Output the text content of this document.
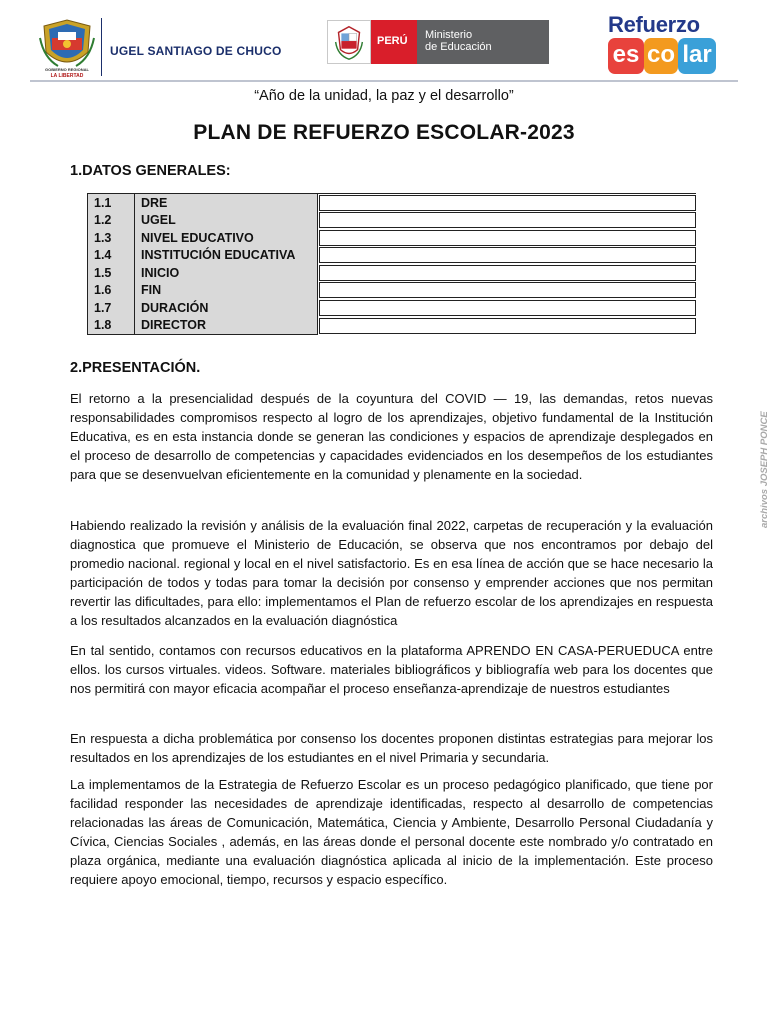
GOBIERNO REGIONAL
LA LIBERTAD
UGEL SANTIAGO DE CHUCO
PERÚ	Ministerio
de Educación
Refuerzo
es co lar
“Año de la unidad, la paz y el desarrollo”
PLAN DE REFUERZO ESCOLAR-2023
1.DATOS GENERALES:
1.1	DRE	

1.2	UGEL	

1.3	NIVEL EDUCATIVO	

1.4	INSTITUCIÓN EDUCATIVA	

1.5	INICIO	

1.6	FIN	

1.7	DURACIÓN	

1.8	DIRECTOR	
2.PRESENTACIÓN.
El retorno a la presencialidad después de la coyuntura del COVID — 19, las demandas, retos nuevas responsabilidades compromisos respecto al logro de los aprendizajes, objetivo fundamental de la Institución Educativa, es en esta instancia donde se generan las condiciones y espacios de aprendizaje desplegados en el proceso de desarrollo de competencias y capacidades evidenciados en los desempeños de los estudiantes para que se desenvuelvan eficientemente en la comunidad y plenamente en la sociedad.
Habiendo realizado la revisión y análisis de la evaluación final 2022, carpetas de recuperación y la evaluación diagnostica que promueve el Ministerio de Educación, se observa que nos encontramos por debajo del promedio nacional. regional y local en el nivel satisfactorio. Es en esa línea de acción que se hace necesario la participación de todos y todas para tomar la decisión por consenso y emprender acciones que nos permitan revertir las dificultades, para ello: implementamos el Plan de refuerzo escolar de los aprendizajes en respuesta a los resultados alcanzados en la evaluación diagnóstica
En tal sentido, contamos con recursos educativos en la plataforma APRENDO EN CASA-PERUEDUCA entre ellos. los cursos virtuales. videos. Software. materiales bibliográficos y bibliografía web para los docentes que nos permitirá con mayor eficacia acompañar el proceso enseñanza-aprendizaje de nuestros estudiantes
En respuesta a dicha problemática por consenso los docentes proponen distintas estrategias para mejorar los resultados en los aprendizajes de los estudiantes en el nivel Primaria y secundaria.
La implementamos de la Estrategia de Refuerzo Escolar es un proceso pedagógico planificado, que tiene por facilidad responder las necesidades de aprendizaje identificadas, respecto al desarrollo de competencias relacionadas las áreas de Comunicación, Matemática, Ciencia y Ambiente, Desarrollo Personal Ciudadanía y Cívica, Ciencias Sociales , además, en las áreas donde el personal docente este nombrado y/o contratado en plaza orgánica, mediante una evaluación diagnóstica aplicada al inicio de la implementación. Este proceso requiere apoyo emocional, tiempo, recursos y espacio específico.
archivos JOSEPH PONCE
